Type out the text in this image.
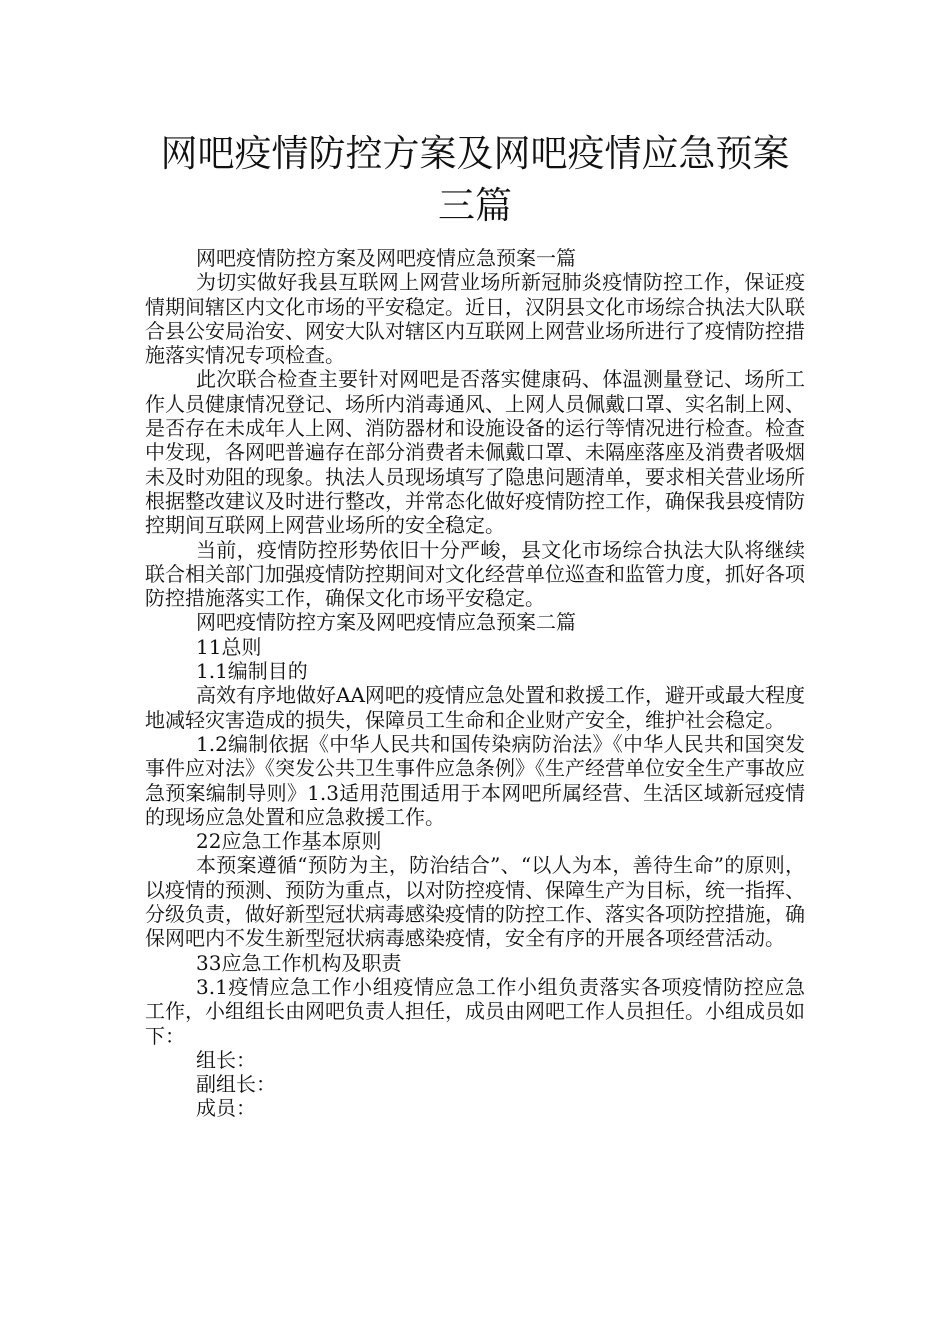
网吧疫情防控方案及网吧疫情应急预案三篇

网吧疫情防控方案及网吧疫情应急预案一篇

为切实做好我县互联网上网营业场所新冠肺炎疫情防控工作，保证疫情期间辖区内文化市场的平安稳定。近日，汉阴县文化市场综合执法大队联合县公安局治安、网安大队对辖区内互联网上网营业场所进行了疫情防控措施落实情况专项检查。

此次联合检查主要针对网吧是否落实健康码、体温测量登记、场所工作人员健康情况登记、场所内消毒通风、上网人员佩戴口罩、实名制上网、是否存在未成年人上网、消防器材和设施设备的运行等情况进行检查。检查中发现，各网吧普遍存在部分消费者未佩戴口罩、未隔座落座及消费者吸烟未及时劝阻的现象。执法人员现场填写了隐患问题清单，要求相关营业场所根据整改建议及时进行整改，并常态化做好疫情防控工作，确保我县疫情防控期间互联网上网营业场所的安全稳定。

当前，疫情防控形势依旧十分严峻，县文化市场综合执法大队将继续联合相关部门加强疫情防控期间对文化经营单位巡查和监管力度，抓好各项防控措施落实工作，确保文化市场平安稳定。

网吧疫情防控方案及网吧疫情应急预案二篇

11总则

1.1编制目的

高效有序地做好AA网吧的疫情应急处置和救援工作，避开或最大程度地减轻灾害造成的损失，保障员工生命和企业财产安全，维护社会稳定。

1.2编制依据《中华人民共和国传染病防治法》《中华人民共和国突发事件应对法》《突发公共卫生事件应急条例》《生产经营单位安全生产事故应急预案编制导则》1.3适用范围适用于本网吧所属经营、生活区域新冠疫情的现场应急处置和应急救援工作。

22应急工作基本原则

本预案遵循“预防为主，防治结合”、“以人为本，善待生命”的原则，以疫情的预测、预防为重点，以对防控疫情、保障生产为目标，统一指挥、分级负责，做好新型冠状病毒感染疫情的防控工作、落实各项防控措施，确保网吧内不发生新型冠状病毒感染疫情，安全有序的开展各项经营活动。

33应急工作机构及职责

3.1疫情应急工作小组疫情应急工作小组负责落实各项疫情防控应急工作，小组组长由网吧负责人担任，成员由网吧工作人员担任。小组成员如下：

组长：

副组长：

成员：
